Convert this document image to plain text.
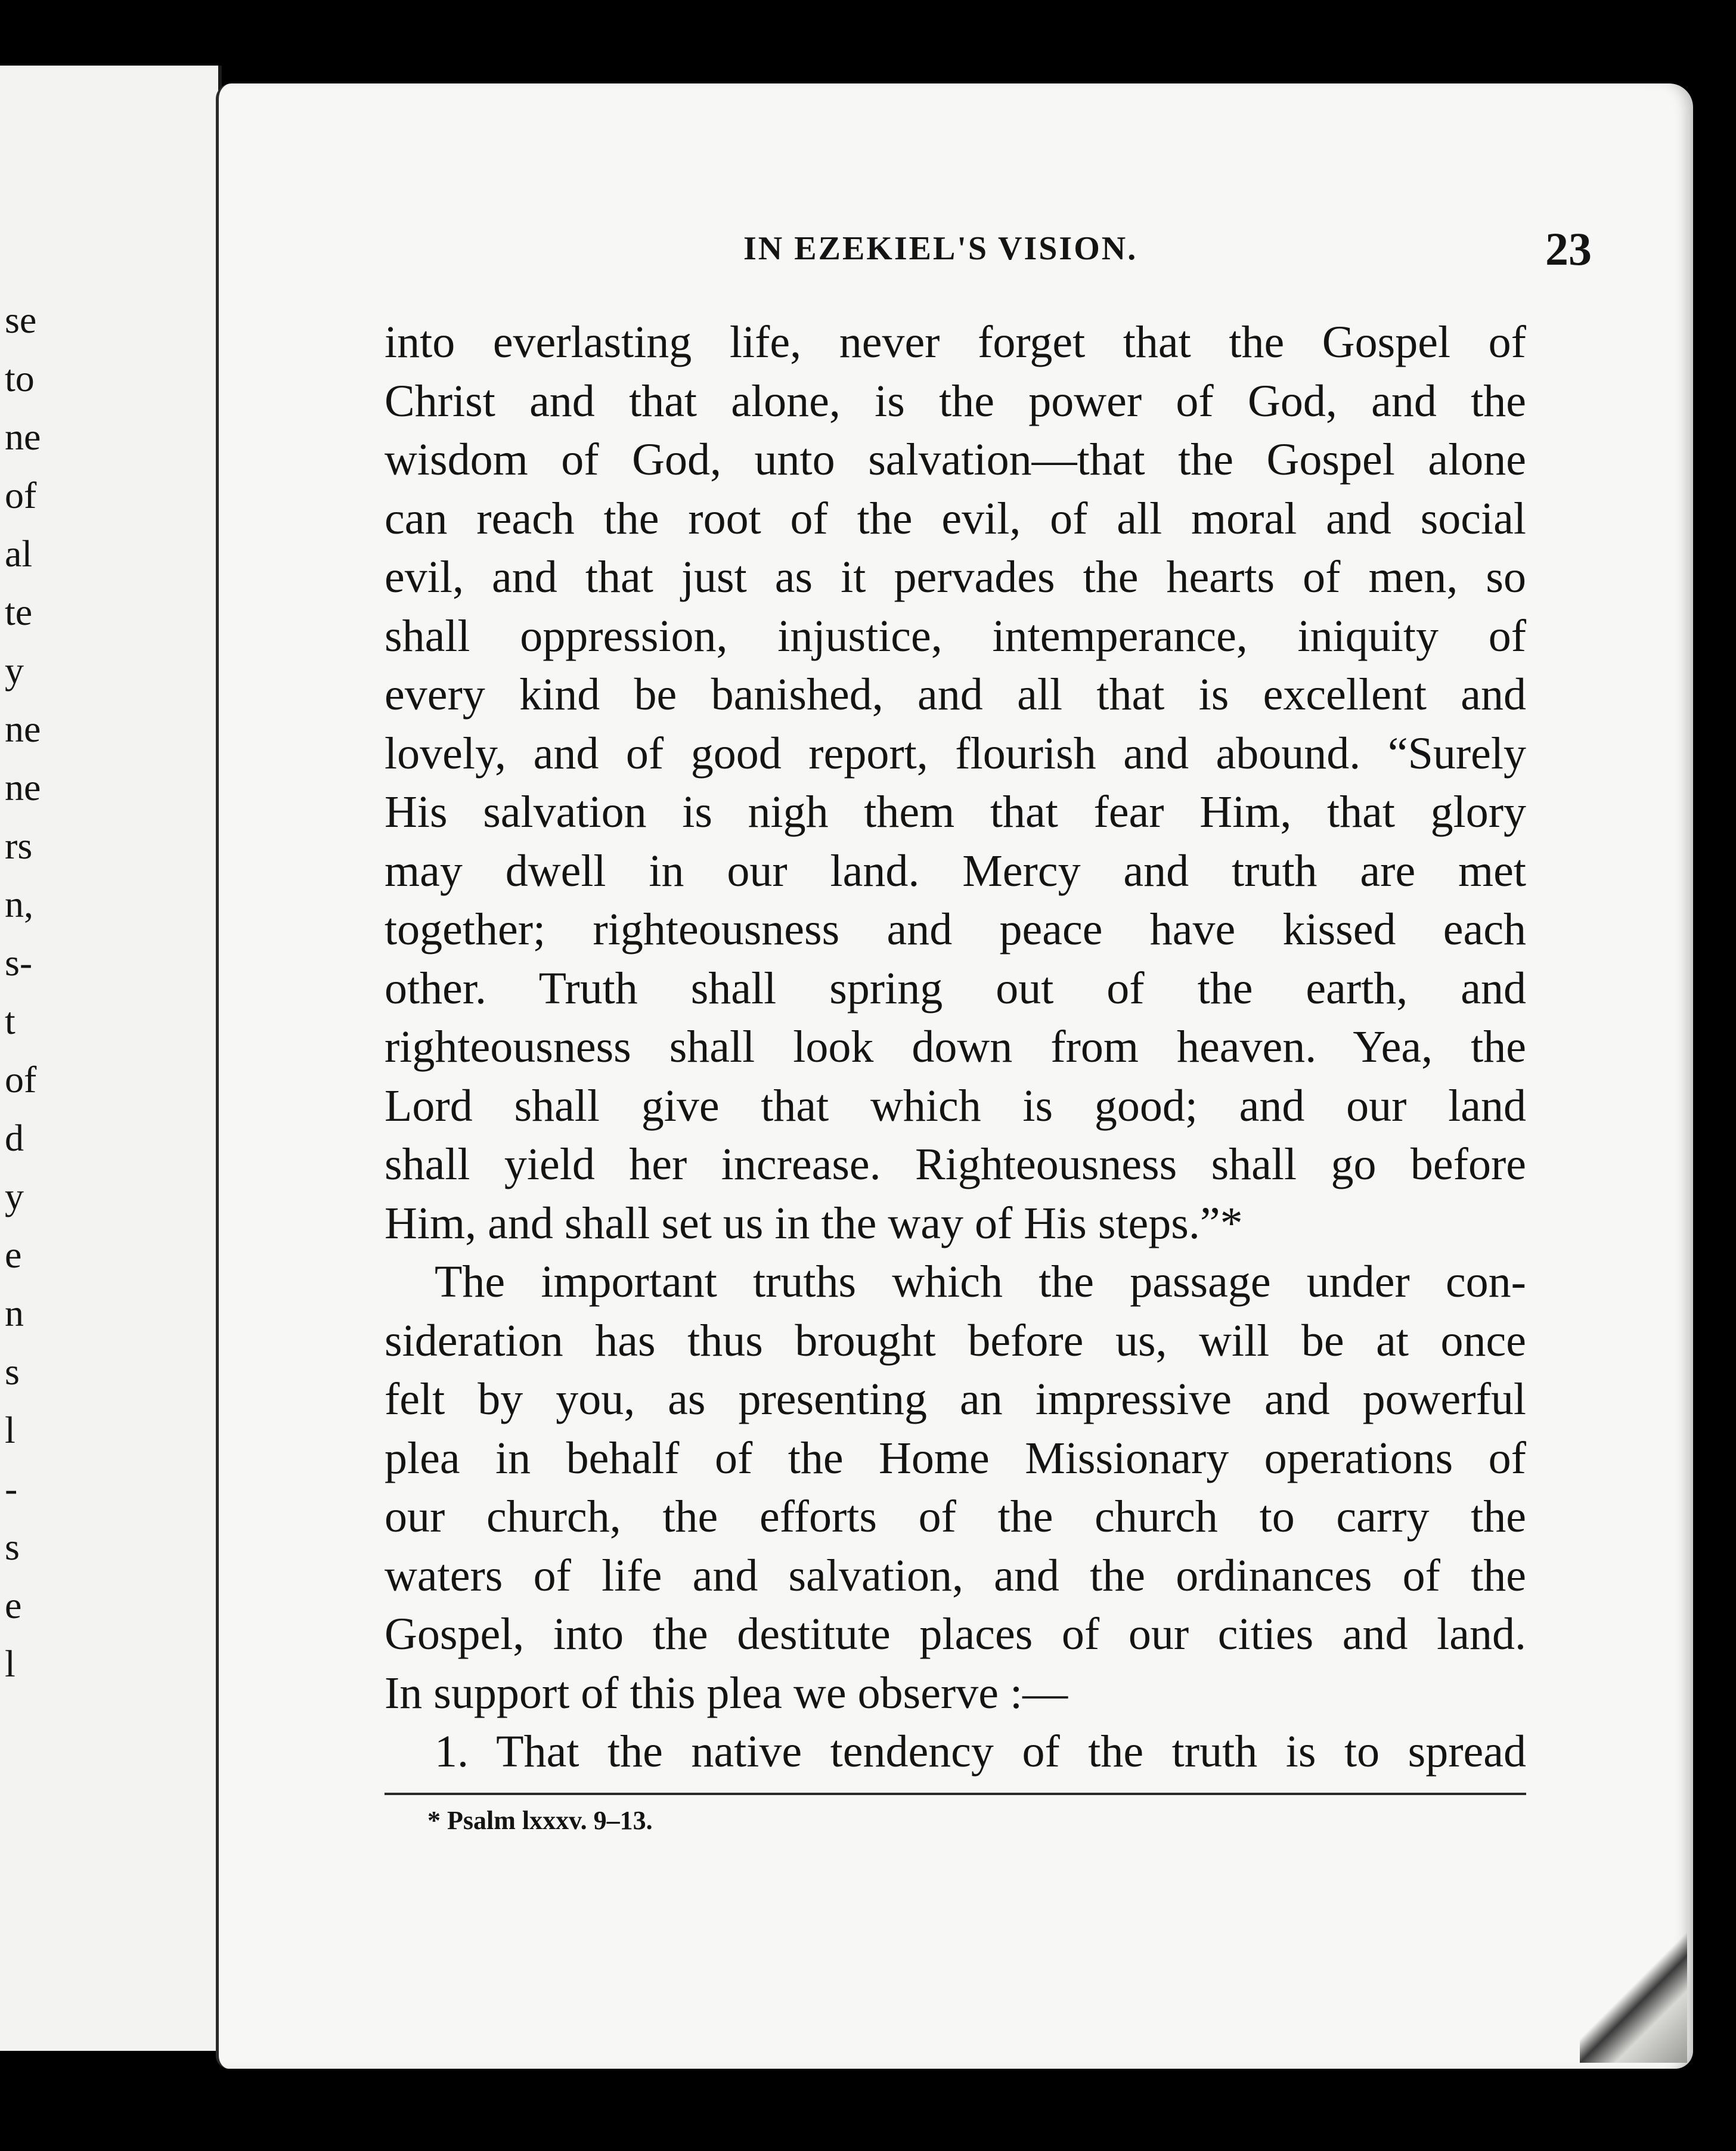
se
to
ne
of
al
te
y
ne
ne
rs
n,
s-
t
of
d
y
e
n
s
l
-
s
e
l
IN EZEKIEL'S VISION.	23
into everlasting life, never forget that the Gospel of
Christ and that alone, is the power of God, and the
wisdom of God, unto salvation—that the Gospel alone
can reach the root of the evil, of all moral and social
evil, and that just as it pervades the hearts of men, so
shall oppression, injustice, intemperance, iniquity of
every kind be banished, and all that is excellent and
lovely, and of good report, flourish and abound. “Surely
His salvation is nigh them that fear Him, that glory
may dwell in our land. Mercy and truth are met
together; righteousness and peace have kissed each
other. Truth shall spring out of the earth, and
righteousness shall look down from heaven. Yea, the
Lord shall give that which is good; and our land
shall yield her increase. Righteousness shall go before
Him, and shall set us in the way of His steps.”*
The important truths which the passage under con-
sideration has thus brought before us, will be at once
felt by you, as presenting an impressive and powerful
plea in behalf of the Home Missionary operations of
our church, the efforts of the church to carry the
waters of life and salvation, and the ordinances of the
Gospel, into the destitute places of our cities and land.
In support of this plea we observe :—
1. That the native tendency of the truth is to spread
* Psalm lxxxv. 9–13.
